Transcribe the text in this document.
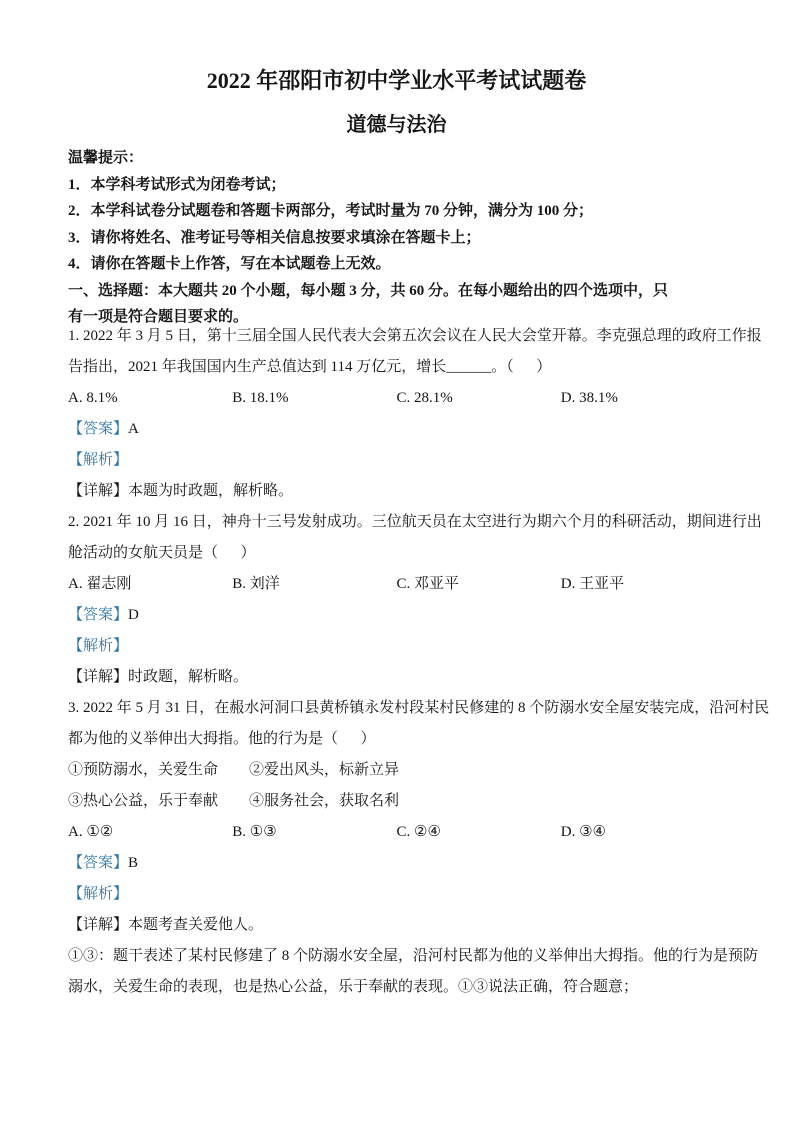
2022 年邵阳市初中学业水平考试试题卷
道德与法治
温馨提示：
1．本学科考试形式为闭卷考试；
2．本学科试卷分试题卷和答题卡两部分，考试时量为 70 分钟，满分为 100 分；
3．请你将姓名、准考证号等相关信息按要求填涂在答题卡上；
4．请你在答题卡上作答，写在本试题卷上无效。
一、选择题：本大题共 20 个小题，每小题 3 分，共 60 分。在每小题给出的四个选项中，只
有一项是符合题目要求的。
1. 2022 年 3 月 5 日，第十三届全国人民代表大会第五次会议在人民大会堂开幕。李克强总理的政府工作报
告指出，2021 年我国国内生产总值达到 114 万亿元，增长______。（      ）
A. 8.1%	B. 18.1%	C. 28.1%	D. 38.1%
【答案】A
【解析】
【详解】本题为时政题，解析略。
2. 2021 年 10 月 16 日，神舟十三号发射成功。三位航天员在太空进行为期六个月的科研活动，期间进行出
舱活动的女航天员是（      ）
A. 翟志刚	B. 刘洋	C. 邓亚平	D. 王亚平
【答案】D
【解析】
【详解】时政题，解析略。
3. 2022 年 5 月 31 日，在赧水河洞口县黄桥镇永发村段某村民修建的 8 个防溺水安全屋安装完成，沿河村民
都为他的义举伸出大拇指。他的行为是（      ）
①预防溺水，关爱生命 ②爱出风头，标新立异
③热心公益，乐于奉献 ④服务社会，获取名利
A. ①②	B. ①③	C. ②④	D. ③④
【答案】B
【解析】
【详解】本题考查关爱他人。
①③：题干表述了某村民修建了 8 个防溺水安全屋，沿河村民都为他的义举伸出大拇指。他的行为是预防
溺水，关爱生命的表现，也是热心公益，乐于奉献的表现。①③说法正确，符合题意；
